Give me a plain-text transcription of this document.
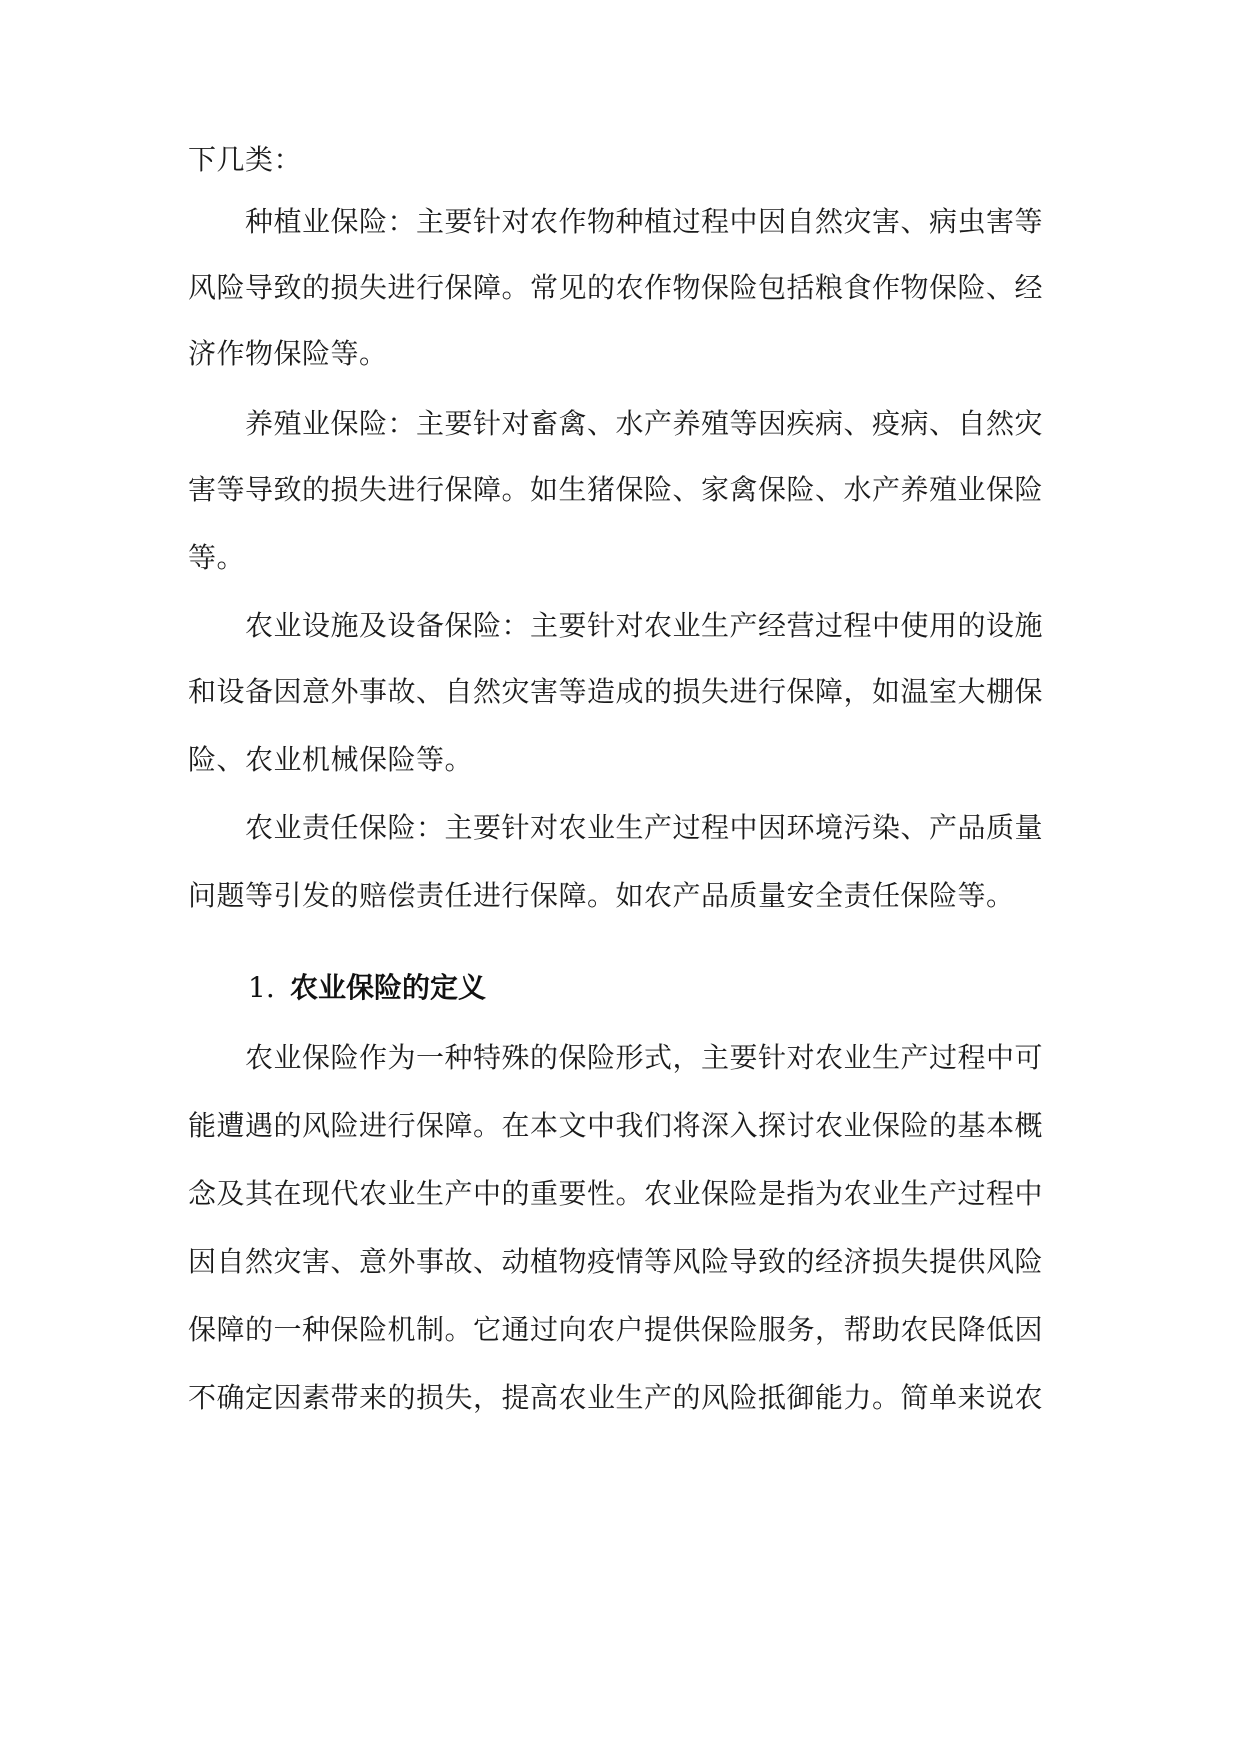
下几类：

　　种植业保险：主要针对农作物种植过程中因自然灾害、病虫害等

风险导致的损失进行保障。常见的农作物保险包括粮食作物保险、经

济作物保险等。

　　养殖业保险：主要针对畜禽、水产养殖等因疾病、疫病、自然灾

害等导致的损失进行保障。如生猪保险、家禽保险、水产养殖业保险

等。

　　农业设施及设备保险：主要针对农业生产经营过程中使用的设施

和设备因意外事故、自然灾害等造成的损失进行保障，如温室大棚保

险、农业机械保险等。

　　农业责任保险：主要针对农业生产过程中因环境污染、产品质量

问题等引发的赔偿责任进行保障。如农产品质量安全责任保险等。

1. 农业保险的定义

　　农业保险作为一种特殊的保险形式，主要针对农业生产过程中可

能遭遇的风险进行保障。在本文中我们将深入探讨农业保险的基本概

念及其在现代农业生产中的重要性。农业保险是指为农业生产过程中

因自然灾害、意外事故、动植物疫情等风险导致的经济损失提供风险

保障的一种保险机制。它通过向农户提供保险服务，帮助农民降低因

不确定因素带来的损失，提高农业生产的风险抵御能力。简单来说农
